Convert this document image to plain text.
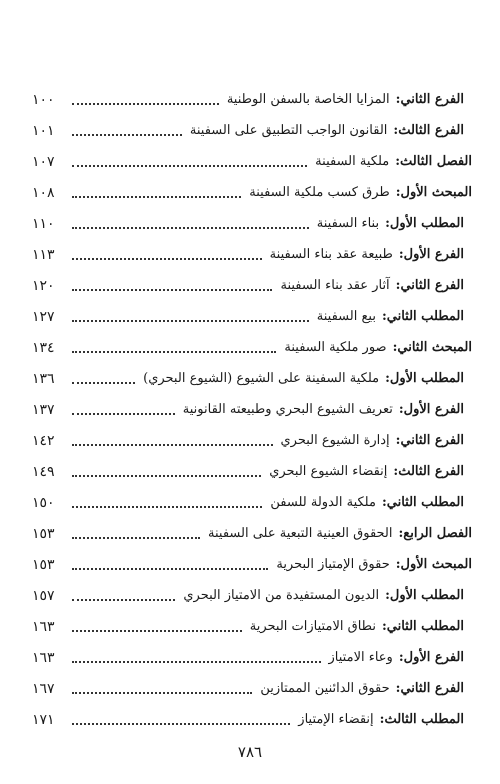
الفرع الثاني:
المزايا الخاصة بالسفن الوطنية
١٠٠
الفرع الثالث:
القانون الواجب التطبيق على السفينة
١٠١
الفصل الثالث:
ملكية السفينة
١٠٧
المبحث الأول:
طرق كسب ملكية السفينة
١٠٨
المطلب الأول:
بناء السفينة
١١٠
الفرع الأول:
طبيعة عقد بناء السفينة
١١٣
الفرع الثاني:
آثار عقد بناء السفينة
١٢٠
المطلب الثاني:
بيع السفينة
١٢٧
المبحث الثاني:
صور ملكية السفينة
١٣٤
المطلب الأول:
ملكية السفينة على الشيوع (الشيوع البحري)
١٣٦
الفرع الأول:
تعريف الشيوع البحري وطبيعته القانونية
١٣٧
الفرع الثاني:
إدارة الشيوع البحري
١٤٢
الفرع الثالث:
إنقضاء الشيوع البحري
١٤٩
المطلب الثاني:
ملكية الدولة للسفن
١٥٠
الفصل الرابع:
الحقوق العينية التبعية على السفينة
١٥٣
المبحث الأول:
حقوق الإمتياز البحرية
١٥٣
المطلب الأول:
الديون المستفيدة من الامتياز البحري
١٥٧
المطلب الثاني:
نطاق الامتيازات البحرية
١٦٣
الفرع الأول:
وعاء الامتياز
١٦٣
الفرع الثاني:
حقوق الدائنين الممتازين
١٦٧
المطلب الثالث:
إنقضاء الإمتياز
١٧١
٧٨٦
